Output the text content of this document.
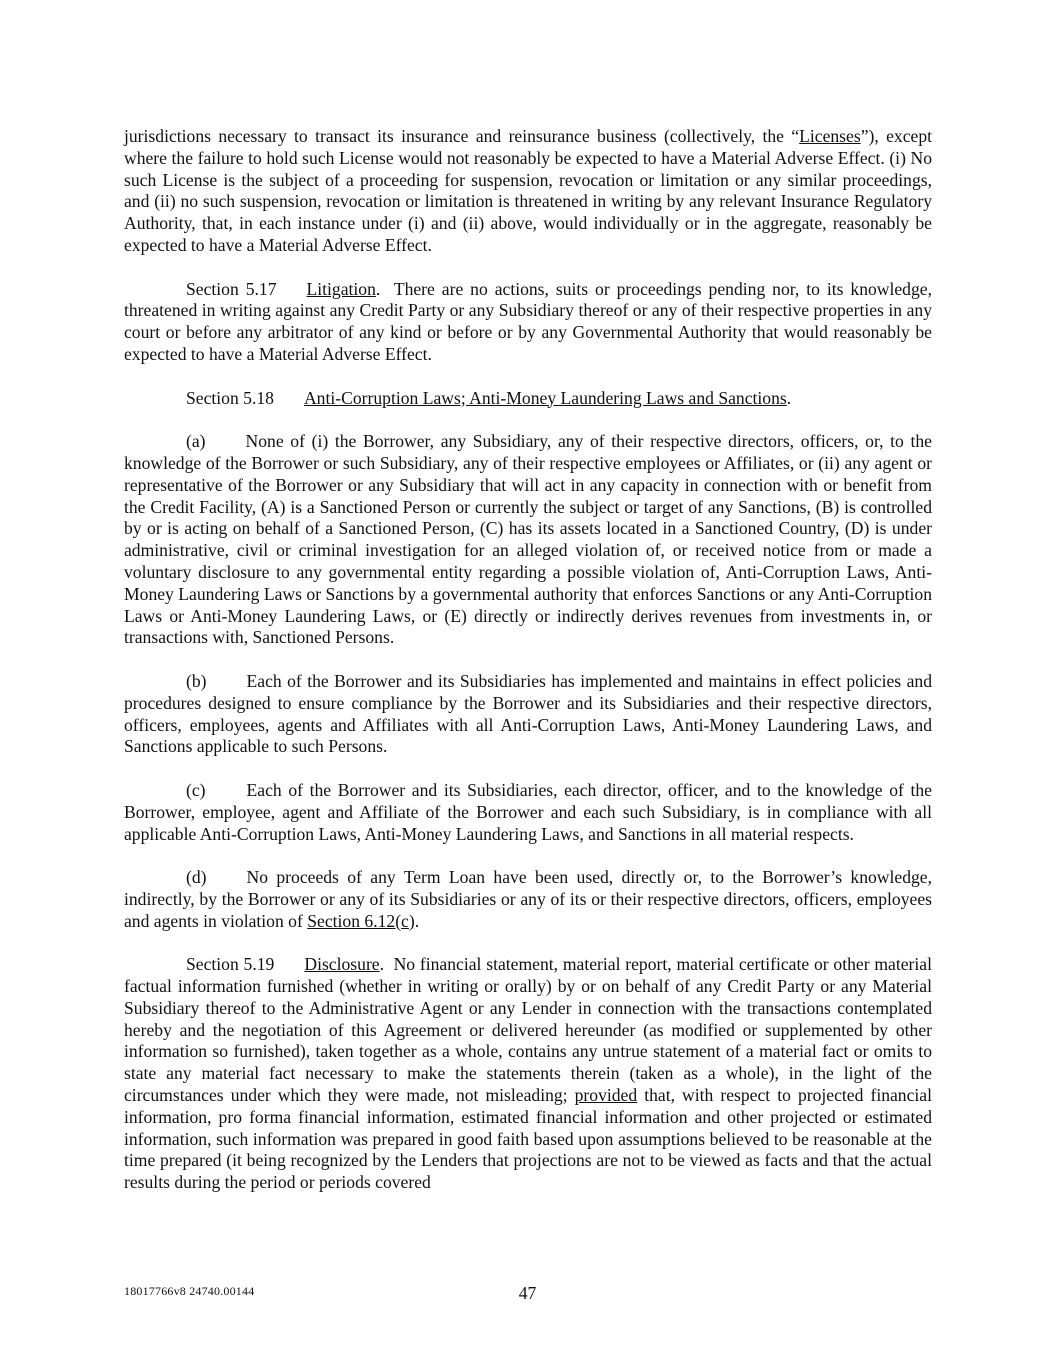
jurisdictions necessary to transact its insurance and reinsurance business (collectively, the “Licenses”), except where the failure to hold such License would not reasonably be expected to have a Material Adverse Effect. (i) No such License is the subject of a proceeding for suspension, revocation or limitation or any similar proceedings, and (ii) no such suspension, revocation or limitation is threatened in writing by any relevant Insurance Regulatory Authority, that, in each instance under (i) and (ii) above, would individually or in the aggregate, reasonably be expected to have a Material Adverse Effect.

Section 5.17 Litigation.  There are no actions, suits or proceedings pending nor, to its knowledge, threatened in writing against any Credit Party or any Subsidiary thereof or any of their respective properties in any court or before any arbitrator of any kind or before or by any Governmental Authority that would reasonably be expected to have a Material Adverse Effect.

Section 5.18 Anti-Corruption Laws; Anti-Money Laundering Laws and Sanctions.

(a) None of (i) the Borrower, any Subsidiary, any of their respective directors, officers, or, to the knowledge of the Borrower or such Subsidiary, any of their respective employees or Affiliates, or (ii) any agent or representative of the Borrower or any Subsidiary that will act in any capacity in connection with or benefit from the Credit Facility, (A) is a Sanctioned Person or currently the subject or target of any Sanctions, (B) is controlled by or is acting on behalf of a Sanctioned Person, (C) has its assets located in a Sanctioned Country, (D) is under administrative, civil or criminal investigation for an alleged violation of, or received notice from or made a voluntary disclosure to any governmental entity regarding a possible violation of, Anti-Corruption Laws, Anti-Money Laundering Laws or Sanctions by a governmental authority that enforces Sanctions or any Anti-Corruption Laws or Anti-Money Laundering Laws, or (E) directly or indirectly derives revenues from investments in, or transactions with, Sanctioned Persons.

(b) Each of the Borrower and its Subsidiaries has implemented and maintains in effect policies and procedures designed to ensure compliance by the Borrower and its Subsidiaries and their respective directors, officers, employees, agents and Affiliates with all Anti-Corruption Laws, Anti-Money Laundering Laws, and Sanctions applicable to such Persons.

(c) Each of the Borrower and its Subsidiaries, each director, officer, and to the knowledge of the Borrower, employee, agent and Affiliate of the Borrower and each such Subsidiary, is in compliance with all applicable Anti-Corruption Laws, Anti-Money Laundering Laws, and Sanctions in all material respects.

(d) No proceeds of any Term Loan have been used, directly or, to the Borrower’s knowledge, indirectly, by the Borrower or any of its Subsidiaries or any of its or their respective directors, officers, employees and agents in violation of Section 6.12(c).

Section 5.19 Disclosure.  No financial statement, material report, material certificate or other material factual information furnished (whether in writing or orally) by or on behalf of any Credit Party or any Material Subsidiary thereof to the Administrative Agent or any Lender in connection with the transactions contemplated hereby and the negotiation of this Agreement or delivered hereunder (as modified or supplemented by other information so furnished), taken together as a whole, contains any untrue statement of a material fact or omits to state any material fact necessary to make the statements therein (taken as a whole), in the light of the circumstances under which they were made, not misleading; provided that, with respect to projected financial information, pro forma financial information, estimated financial information and other projected or estimated information, such information was prepared in good faith based upon assumptions believed to be reasonable at the time prepared (it being recognized by the Lenders that projections are not to be viewed as facts and that the actual results during the period or periods covered

18017766v8 24740.00144	47
